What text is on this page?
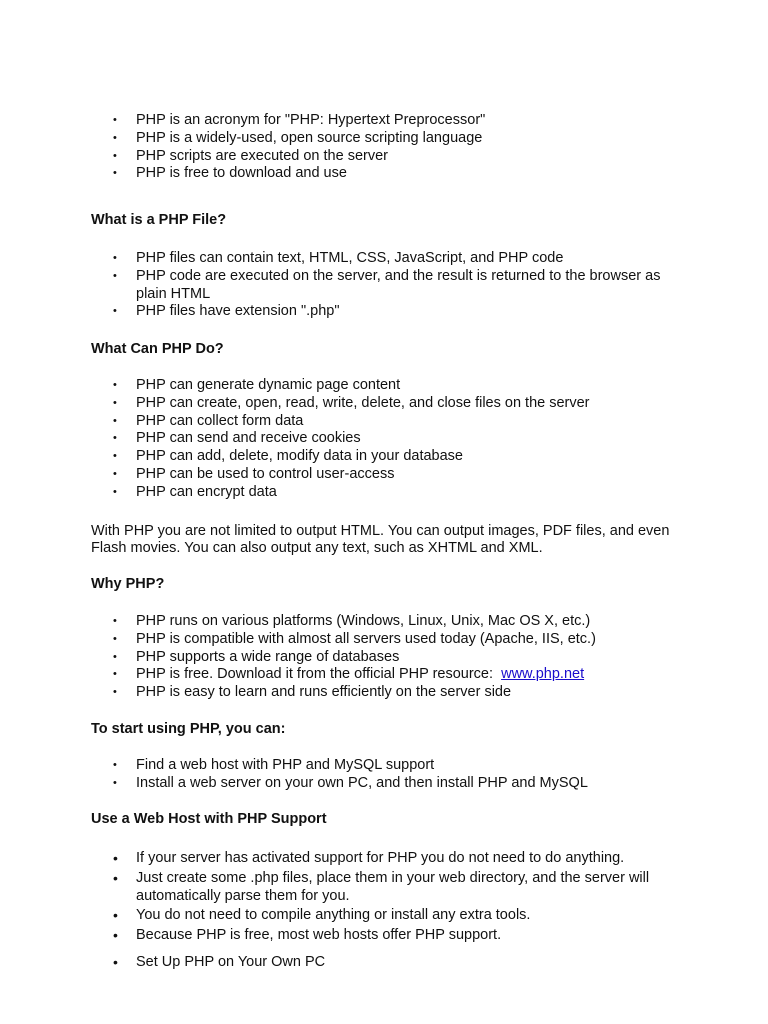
• PHP is an acronym for "PHP: Hypertext Preprocessor"
• PHP is a widely-used, open source scripting language
• PHP scripts are executed on the server
• PHP is free to download and use
What is a PHP File?
• PHP files can contain text, HTML, CSS, JavaScript, and PHP code
• PHP code are executed on the server, and the result is returned to the browser as plain HTML
• PHP files have extension ".php"
What Can PHP Do?
• PHP can generate dynamic page content
• PHP can create, open, read, write, delete, and close files on the server
• PHP can collect form data
• PHP can send and receive cookies
• PHP can add, delete, modify data in your database
• PHP can be used to control user-access
• PHP can encrypt data
With PHP you are not limited to output HTML. You can output images, PDF files, and even Flash movies. You can also output any text, such as XHTML and XML.
Why PHP?
• PHP runs on various platforms (Windows, Linux, Unix, Mac OS X, etc.)
• PHP is compatible with almost all servers used today (Apache, IIS, etc.)
• PHP supports a wide range of databases
• PHP is free. Download it from the official PHP resource: www.php.net
• PHP is easy to learn and runs efficiently on the server side
To start using PHP, you can:
• Find a web host with PHP and MySQL support
• Install a web server on your own PC, and then install PHP and MySQL
Use a Web Host with PHP Support
• If your server has activated support for PHP you do not need to do anything.
• Just create some .php files, place them in your web directory, and the server will automatically parse them for you.
• You do not need to compile anything or install any extra tools.
• Because PHP is free, most web hosts offer PHP support.
• Set Up PHP on Your Own PC
